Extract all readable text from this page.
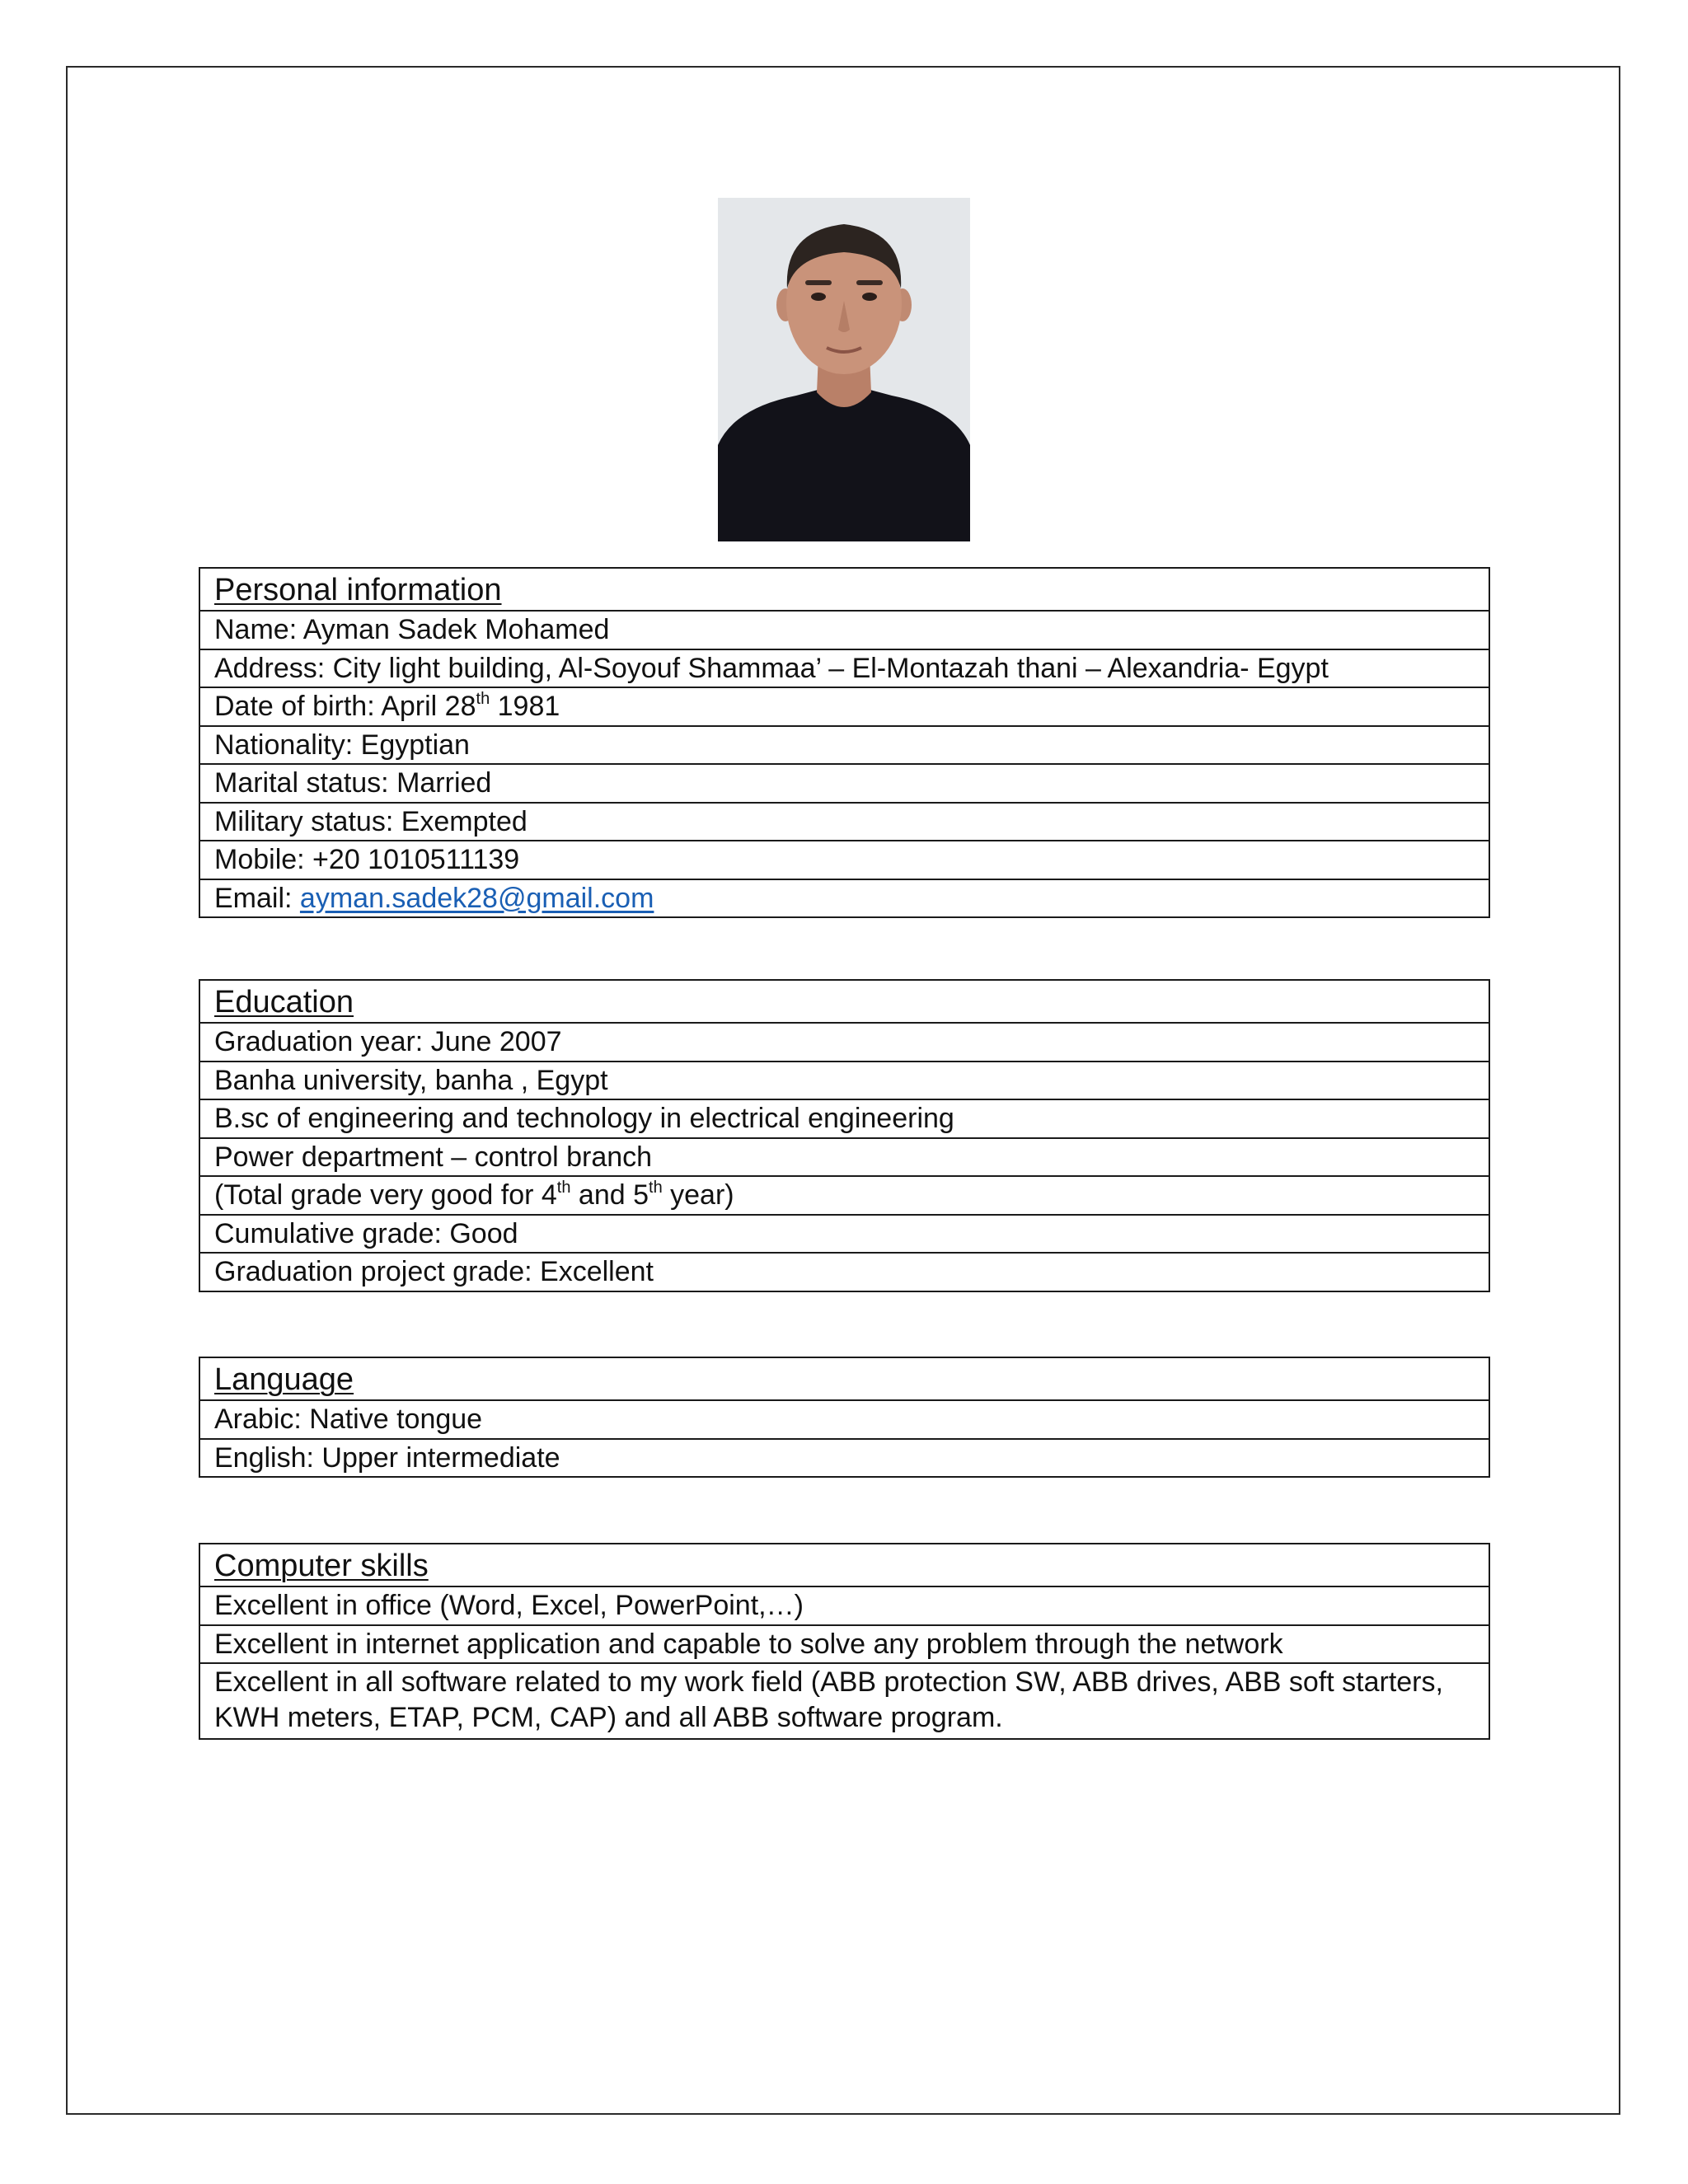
Personal information
Name: Ayman Sadek Mohamed
Address: City light building, Al-Soyouf Shammaa’ – El-Montazah thani – Alexandria- Egypt
Date of birth: April 28th 1981
Nationality: Egyptian
Marital status: Married
Military status: Exempted
Mobile: +20 1010511139
Email: ayman.sadek28@gmail.com
Education
Graduation year: June 2007
Banha university, banha , Egypt
B.sc of engineering and technology in electrical engineering
Power department – control branch
(Total grade very good for 4th and 5th year)
Cumulative grade: Good
Graduation project grade: Excellent
Language
Arabic: Native tongue
English: Upper intermediate
Computer skills
Excellent in office (Word, Excel, PowerPoint,…)
Excellent in internet application and capable to solve any problem through the network
Excellent in all software related to my work field (ABB protection SW, ABB drives, ABB soft starters, KWH meters, ETAP, PCM, CAP) and all ABB software program.
